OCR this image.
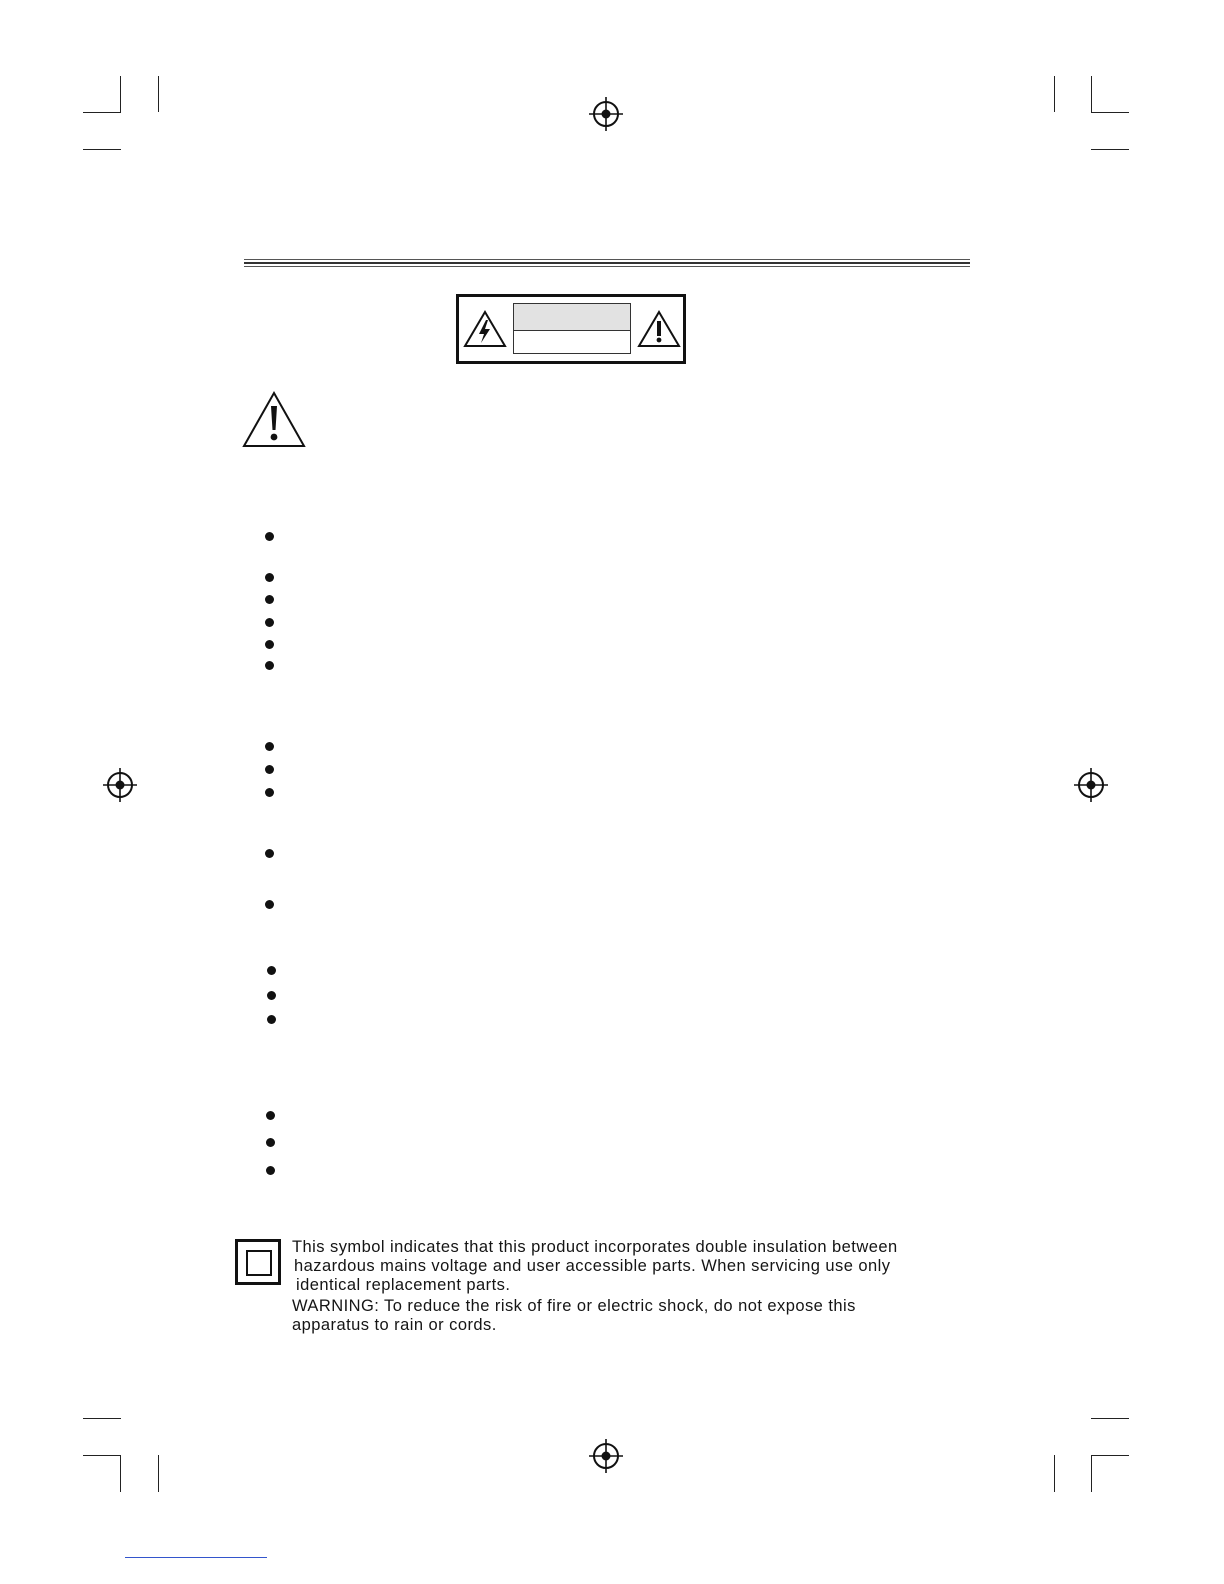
This symbol indicates that this product incorporates double insulation between
hazardous mains voltage and user accessible parts. When servicing use only
identical replacement parts.
WARNING: To reduce the risk of fire or electric shock, do not expose this
apparatus to rain or cords.
